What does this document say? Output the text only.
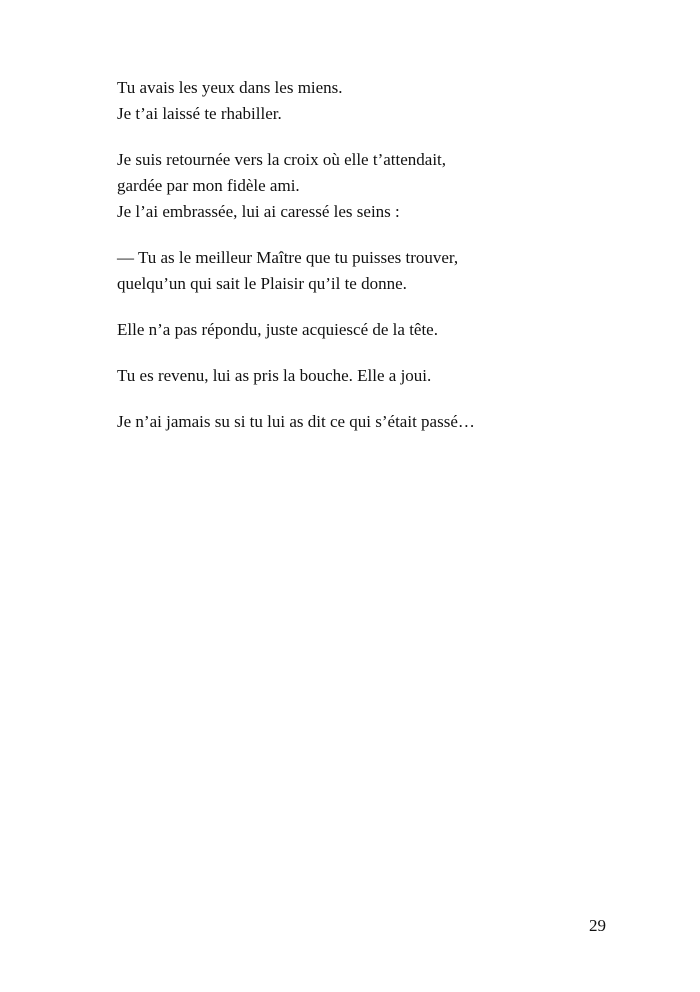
Tu avais les yeux dans les miens.
Je t’ai laissé te rhabiller.
Je suis retournée vers la croix où elle t’attendait,
gardée par mon fidèle ami.
Je l’ai embrassée, lui ai caressé les seins :
— Tu as le meilleur Maître que tu puisses trouver,
quelqu’un qui sait le Plaisir qu’il te donne.
Elle n’a pas répondu, juste acquiescé de la tête.
Tu es revenu, lui as pris la bouche. Elle a joui.
Je n’ai jamais su si tu lui as dit ce qui s’était passé…
29
